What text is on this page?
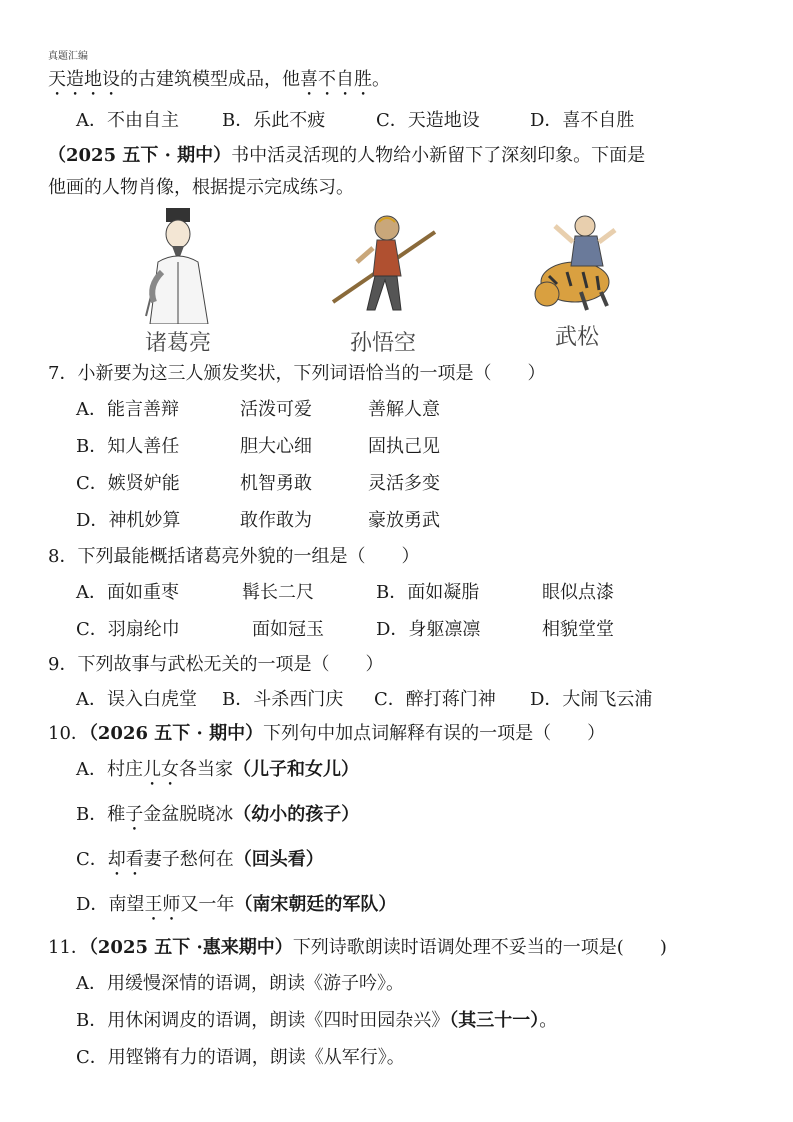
真题汇编
天造地设的古建筑模型成品，他喜不自胜。
A．不由自主 B．乐此不疲	C．天造地设	D．喜不自胜
（2025 五下 · 期中）书中活灵活现的人物给小新留下了深刻印象。下面是
他画的人物肖像，根据提示完成练习。
诸葛亮	孙悟空	武松
7．小新要为这三人颁发奖状，下列词语恰当的一项是（　　）
A．能言善辩	活泼可爱	善解人意
B．知人善任	胆大心细	固执己见
C．嫉贤妒能	机智勇敢	灵活多变
D．神机妙算	敢作敢为	豪放勇武
8．下列最能概括诸葛亮外貌的一组是（　　）
A．面如重枣	髯长二尺	B．面如凝脂	眼似点漆
C．羽扇纶巾	面如冠玉	D．身躯凛凛	相貌堂堂
9．下列故事与武松无关的一项是（　　）
A．误入白虎堂 B．斗杀西门庆 C．醉打蒋门神 D．大闹飞云浦
10．（2026 五下 · 期中）下列句中加点词解释有误的一项是（　　）
A．村庄儿女各当家（儿子和女儿）
B．稚子金盆脱晓冰（幼小的孩子）
C．却看妻子愁何在（回头看）
D．南望王师又一年（南宋朝廷的军队）
11．（2025 五下 ·惠来期中）下列诗歌朗读时语调处理不妥当的一项是(　　)
A．用缓慢深情的语调，朗读《游子吟》。
B．用休闲调皮的语调，朗读《四时田园杂兴》（其三十一）。
C．用铿锵有力的语调，朗读《从军行》。
